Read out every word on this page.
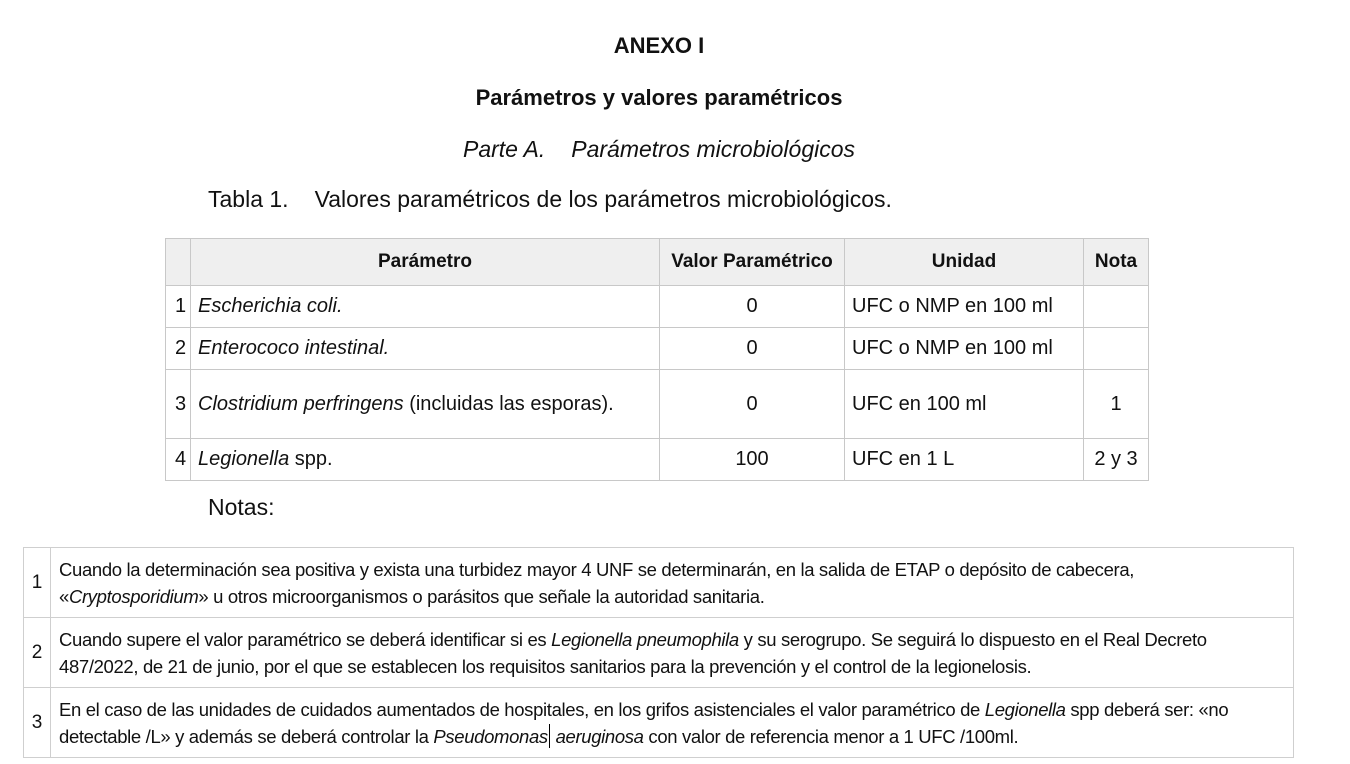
ANEXO I
Parámetros y valores paramétricos
Parte A. Parámetros microbiológicos

Tabla 1. Valores paramétricos de los parámetros microbiológicos.

	Parámetro	Valor Paramétrico	Unidad	Nota
1	Escherichia coli.	0	UFC o NMP en 100 ml	
2	Enterococo intestinal.	0	UFC o NMP en 100 ml	
3	Clostridium perfringens (incluidas las esporas).	0	UFC en 100 ml	1
4	Legionella spp.	100	UFC en 1 L	2 y 3

Notas:

1	Cuando la determinación sea positiva y exista una turbidez mayor 4 UNF se determinarán, en la salida de ETAP o depósito de cabecera, «Cryptosporidium» u otros microorganismos o parásitos que señale la autoridad sanitaria.
2	Cuando supere el valor paramétrico se deberá identificar si es Legionella pneumophila y su serogrupo. Se seguirá lo dispuesto en el Real Decreto 487/2022, de 21 de junio, por el que se establecen los requisitos sanitarios para la prevención y el control de la legionelosis.
3	En el caso de las unidades de cuidados aumentados de hospitales, en los grifos asistenciales el valor paramétrico de Legionella spp deberá ser: «no detectable /L» y además se deberá controlar la Pseudomonas aeruginosa con valor de referencia menor a 1 UFC /100ml.
